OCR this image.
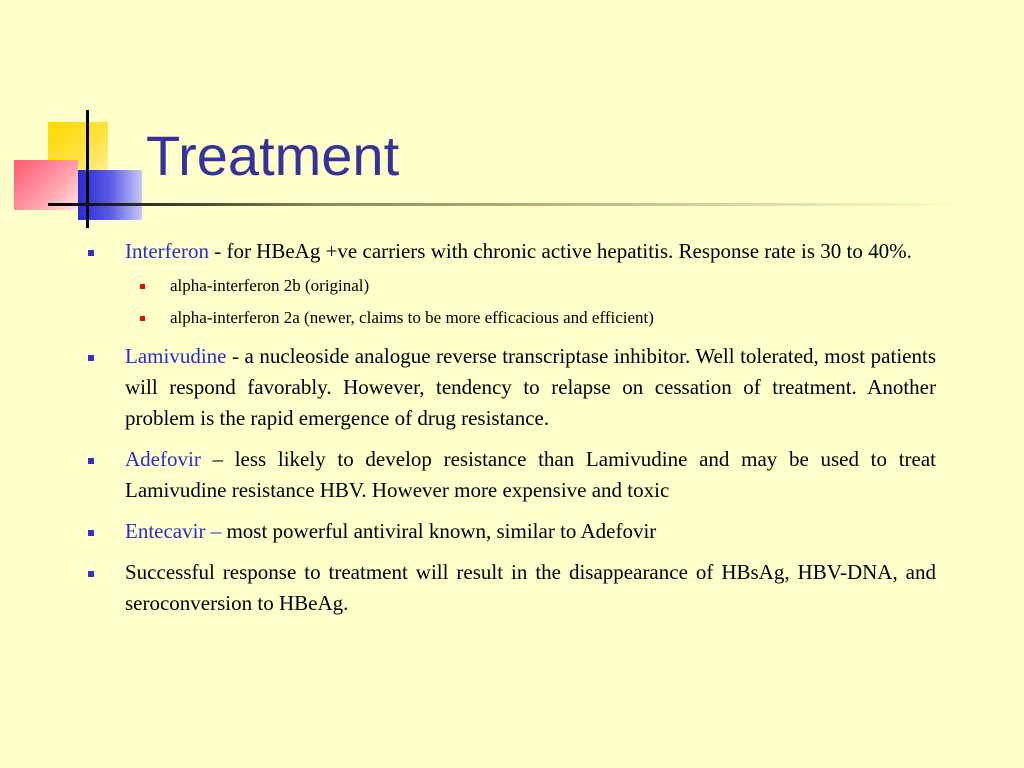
Treatment
Interferon - for HBeAg +ve carriers with chronic active hepatitis. Response rate is 30 to 40%.
alpha-interferon 2b (original)
alpha-interferon 2a (newer, claims to be more efficacious and efficient)
Lamivudine - a nucleoside analogue reverse transcriptase inhibitor. Well tolerated, most patients will respond favorably. However, tendency to relapse on cessation of treatment. Another problem is the rapid emergence of drug resistance.
Adefovir – less likely to develop resistance than Lamivudine and may be used to treat Lamivudine resistance HBV. However more expensive and toxic
Entecavir – most powerful antiviral known, similar to Adefovir
Successful response to treatment will result in the disappearance of HBsAg, HBV-DNA, and seroconversion to HBeAg.
